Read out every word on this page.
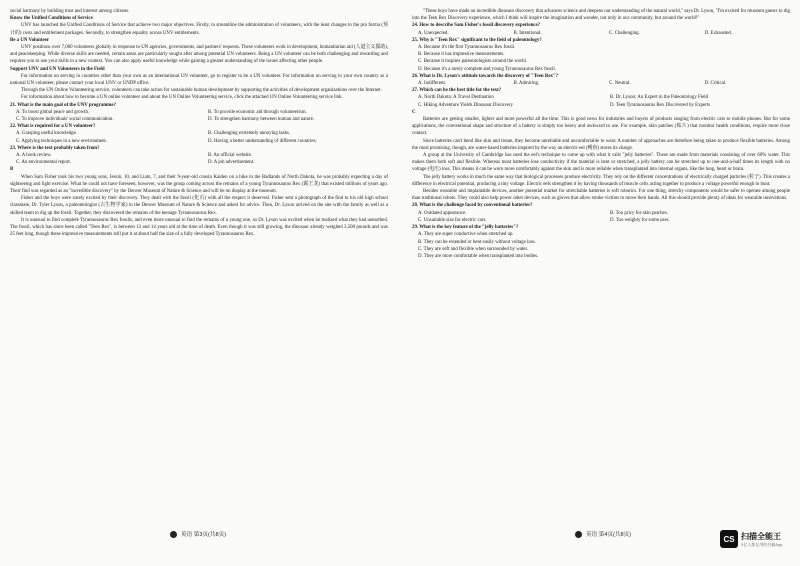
social harmony by building trust and interest among citizens.

Know the Unified Conditions of Service

UNV has launched the Unified Conditions of Service that achieve two major objectives. Firstly, to streamline the administration of volunteers, with the least changes to the pro forma (预计的) costs and entitlement packages. Secondly, to strengthen equality across UNV entitlements.

Be a UN Volunteer

UNV positions over 7,000 volunteers globally in response to UN agencies, governments, and partners' requests. These volunteers work in development, humanitarian aid (人道主义援助), and peacekeeping. While diverse skills are needed, certain areas are particularly sought after among potential UN volunteers. Being a UN volunteer can be both challenging and rewarding and requires you to use your skills in a new context. You can also apply useful knowledge while gaining a greater understanding of the issues affecting other people.

Support UNV and UN Volunteers in the Field

For information on serving in countries other than your own as an international UN volunteer, go to register to be a UN volunteer. For information on serving in your own country as a national UN volunteer, please contact your local UNV or UNDP office.

Through the UN Online Volunteering service, volunteers can take action for sustainable human development by supporting the activities of development organizations over the Internet.

For information about how to become a UN online volunteer and about the UN Online Volunteering service, click the attached UN Online Volunteering service link.

21. What is the main goal of the UNV programme?

A. To boost global peace and growth.	B. To provide economic aid through volunteerism.
C. To improve individuals' social communication.	D. To strengthen harmony between human and nature.

22. What is required for a UN volunteer?

A. Grasping useful knowledge.	B. Challenging extremely annoying tasks.
C. Applying techniques in a new environment.	D. Having a better understanding of different countries.

23. Where is the text probably taken from?

A. A book review.	B. An official website.
C. An environmental report.	D. A job advertisement.

B

When Sam Fisher took his two young sons, Jessin, 10, and Liam, 7, and their 9-year-old cousin Kaiden on a hike in the Badlands of North Dakota, he was probably expecting a day of sightseeing and light exercise. What he could not have foreseen, however, was the group coming across the remains of a young Tyrannosaurus Rex (霸王龙) that existed millions of years ago. Their find was regarded as an "incredible discovery" by the Denver Museum of Nature & Science and will be on display at the museum.

Fisher and the boys were surely excited by their discovery. They dealt with the fossil (化石) with all the respect it deserved. Fisher sent a photograph of the find to his old high school classmate, Dr. Tyler Lyson, a paleontologist (古生物学家) in the Denver Museum of Nature & Science and asked for advice. Then, Dr. Lyson arrived on the site with the family as well as a skilled team to dig up the fossil. Together, they discovered the remains of the teenage Tyrannosaurus Rex.

It is unusual to find complete Tyrannosaurus Rex fossils, and even more unusual to find the remains of a young one, so Dr. Lyson was excited when he realized what they had unearthed. The fossil, which has since been called "Teen Rex", is between 12 and 14 years old at the time of death. Even though it was still growing, the dinosaur already weighed 3,500 pounds and was 25 feet long, though these impressive measurements still put it at about half the size of a fully developed Tyrannosaurus Rex.

"These boys have made an incredible dinosaur discovery that advances science and deepens our understanding of the natural world," says Dr. Lyson, "I'm excited for museum guests to dig into the Teen Rex Discovery experience, which I think will inspire the imagination and wonder, not only in our community, but around the world!"

24. How to describe Sam Fisher's fossil discovery experience?

A. Unexpected.	B. Intentional.	C. Challenging.	D. Exhausted.

25. Why is "Teen Rex" significant to the field of paleontology?

A. Because it's the first Tyrannosaurus Rex fossil.
B. Because it has impressive measurements.
C. Because it inspires paleontologists around the world.
D. Because it's a rarely complete and young Tyrannosaurus Rex fossil.

26. What is Dr. Lyson's attitude towards the discovery of "Teen Rex"?

A. Indifferent.	B. Admiring.	C. Neutral.	D. Critical.

27. Which can be the best title for the text?

A. North Dakota: A Travel Destination	B. Dr. Lyson: An Expert in the Paleontology Field
C. Hiking Adventure Yields Dinosaur Discovery	D. Teen Tyrannosaurus Rex Discovered by Experts

C

Batteries are getting smaller, lighter and more powerful all the time. This is good news for industries and buyers of products ranging from electric cars to mobile phones. But for some applications, the conventional shape and structure of a battery is simply too heavy and awkward to use. For example, skin patches (贴片) that monitor health conditions, require more close contact.

Since batteries can't bend like skin and tissue, they become unreliable and uncomfortable to wear. A number of approaches are therefore being taken to produce flexible batteries. Among the most promising, though, are water-based batteries inspired by the way an electric eel (鳗鱼) stores its charge.

A group at the University of Cambridge has used the eel's technique to come up with what it calls "jelly batteries". These are made from materials consisting of over 60% water. This makes them both soft and flexible. Whereas most batteries lose conductivity if the material is bent or stretched, a jelly battery can be stretched up to one-and-a-half times its length with no voltage (电压) loss. This means it can be worn more comfortably against the skin and is more reliable when transplanted into internal organs, like the lung, heart or brain.

The jelly battery works in much the same way that biological processes produce electricity. They rely on the different concentrations of electrically charged particles (粒子). This creates a difference in electrical potential, producing a tiny voltage. Electric eels strengthen it by having thousands of muscle cells acting together to produce a voltage powerful enough to hunt.

Besides wearable and implantable devices, another potential market for stretchable batteries is soft robotics. For one thing, stretchy components would be safer to operate among people than traditional robots. They could also help power other devices, such as gloves that allow stroke victims to move their hands. All this should provide plenty of ideas for wearable innovations.

28. What is the challenge faced by conventional batteries?

A. Outdated appearance.	B. Too pricy for skin patches.
C. Unsuitable size for electric cars.	D. Too weighty for some uses.

29. What is the key feature of the "jelly batteries"?

A. They are super conductive when stretched up.
B. They can be extended or bent easily without voltage loss.
C. They are soft and flexible when surrounded by water.
D. They are more comfortable when transplanted into bodies.
英语 第3页(共8页)	英语 第4页(共8页)	CS 扫描全能王
3亿人都在用的扫描App
